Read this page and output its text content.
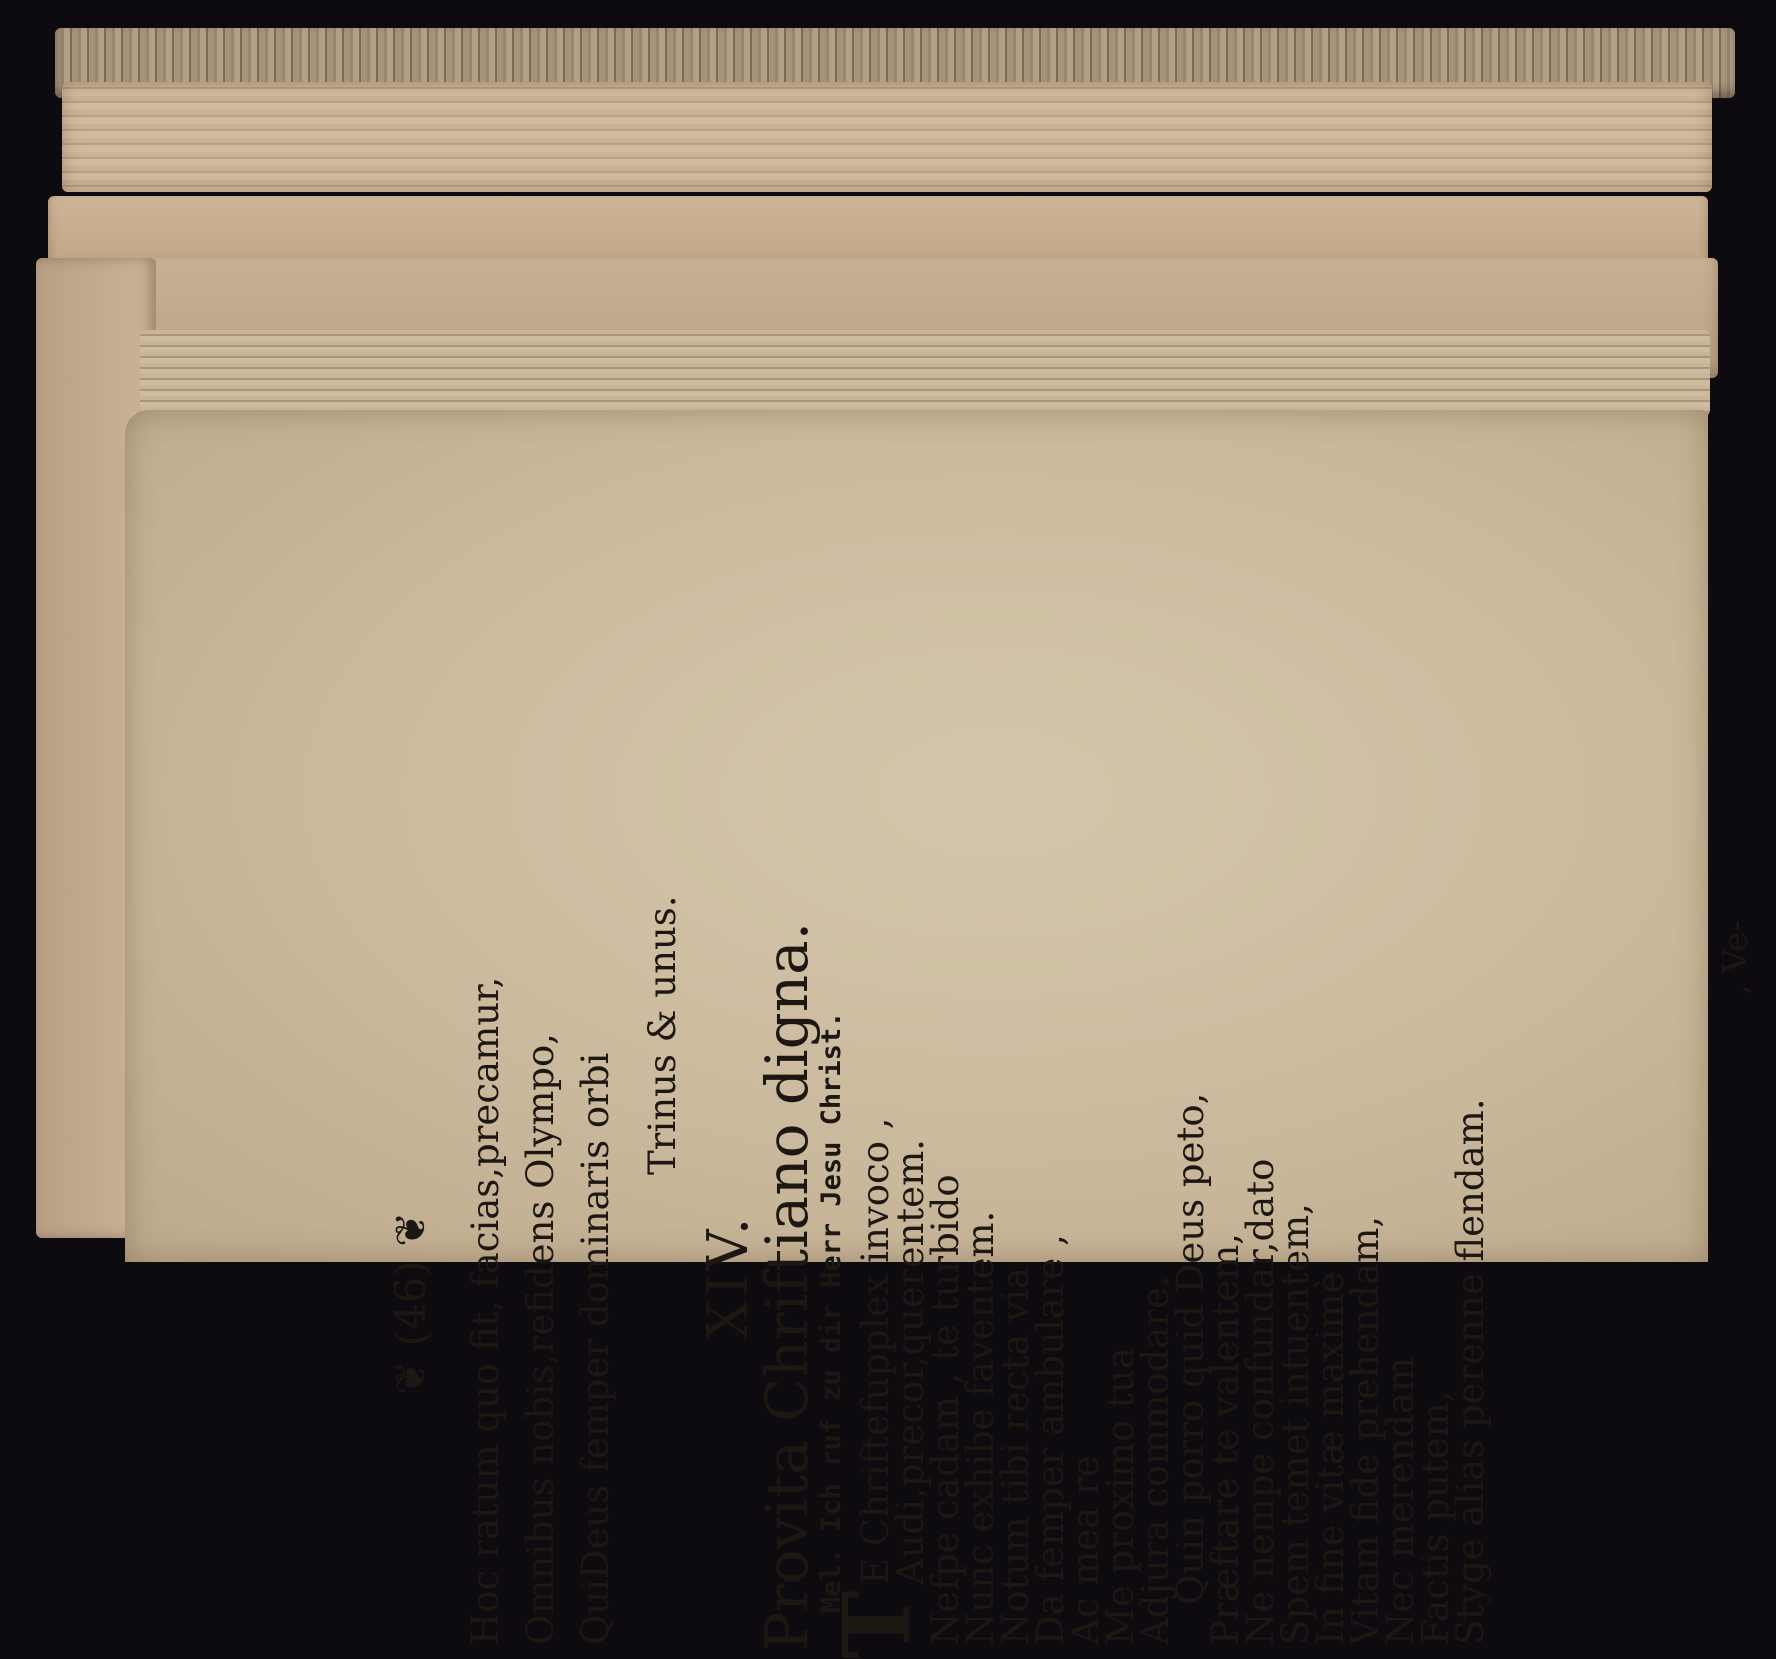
❦ (46) ❦ Hoc ratum quo fit, facias,precamur, Omnibus nobis,refidens Olympo, QuiDeus femper dominaris orbi
Trinus & unus.
XIV.
Provita Chriftiano digna.
Mel. Ich ruf zu dir Herr Jesu Christ.
T
E Chriftefupplex invoco ,
Audi,precor,querentem.
Nefpe cadam , te turbido
Nunc exhibe faventem.
Notum tibi recta via
Da femper ambulare ,
Ac mea re
Me proximo tua
Adjura commodare.
Quin porro quid Deus peto,
Præftare te valentem,
Ne nempe confundar,dato
Spem temet intuentem,
In fine vitæ maximè
Vitam fide prehendam,
Nec merendam
Factis putem,
Styge alias perenne flendam.
, Ve-
